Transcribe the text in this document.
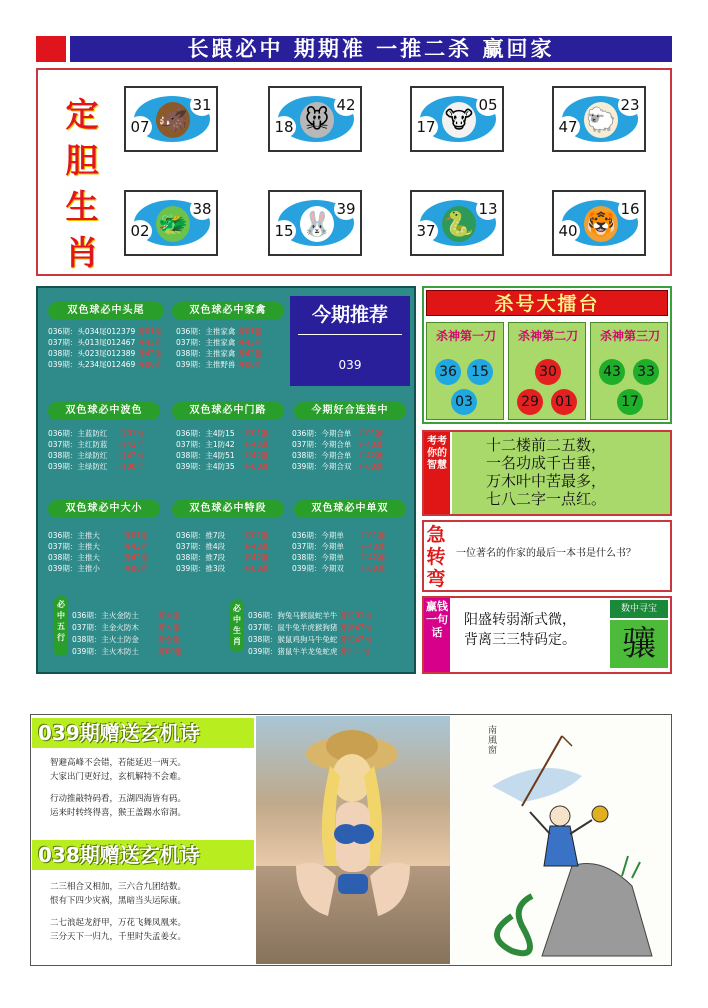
长跟必中 期期准 一推二杀 赢回家
定胆生肖
🐗
07
31
🐭
18
42
🐮
17
05
🐑
47
23
🐲
02
38
🐰
15
39
🐍
37
13
🐯
40
16
今期推荐
039
双色球必中头尾
036期：头034尾012379 开01准
037期：头013尾012467 开43准
038期：头023尾012389 开42准
039期：头234尾012469 开00准
双色球必中家禽
036期：主推家禽 开01猪
037期：主推家禽 开43准
038期：主推家禽 开42猪
039期：主推野兽 开00准
双色球必中波色
036期：主蓝防红 开01准
037期：主红防蓝 开43准
038期：主绿防红 开42准
039期：主绿防红 开00准
双色球必中门路
036期：主4防15 开01准
037期：主1防42 开43准
038期：主4防51 开42准
039期：主4防35 开00准
今期好合连连中
036期：今期合单 开01准
037期：今期合单 开43准
038期：今期合单 开42准
039期：今期合双 开00准
双色球必中大小
036期：主推大	开01准
037期：主推大	开43准
038期：主推大	开42准
039期：主推小	开00准
双色球必中特段
036期：推7段	开01准
037期：推4段	开43准
038期：推7段	开42准
039期：推3段	开00准
双色球必中单双
036期：今期单 开01准
037期：今期单 开43准
038期：今期单 开42准
039期：今期双 开00准
必中五行
036期：主火金防土	开火准
037期：主金火防木	开木准
038期：主火土防金	开金准
039期：主火木防土	开00准
必中生肖
036期：狗兔马猴鼠蛇羊牛 开蛇01准
037期：鼠牛兔羊虎猴狗猪 开猪43准
038期：猴鼠鸡狗马牛兔蛇 开蛇42准
039期：猪鼠牛羊龙兔蛇虎 开？？准
杀号大擂台
杀神第一刀
36 15
03
杀神第二刀
30
29 01
杀神第三刀
43 33
17
考考你的智慧
十二楼前二五数，
一名功成千古垂，
万木叶中苦最多，
七八二字一点红。
急转弯
一位著名的作家的最后一本书是什么书？
赢钱一句话
阳盛转弱渐式微，
背离三三特码定。
数中寻宝
骧
039期赠送玄机诗
智避高峰不会错，若能延迟一两天。
大家出门更好过，玄机解特不会难。
行动推敲特码看，五湖四海皆有码。
运来时转终得喜，猴王盖踢水帘洞。
038期赠送玄机诗
二三相合又相加，三六合九团结数。
恨有下四少灾祸，黑暗当头运际康。
二七浪起龙舒甲，万花飞舞凤凰来。
三分天下一归九，千里时失孟姜女。
南風窗
